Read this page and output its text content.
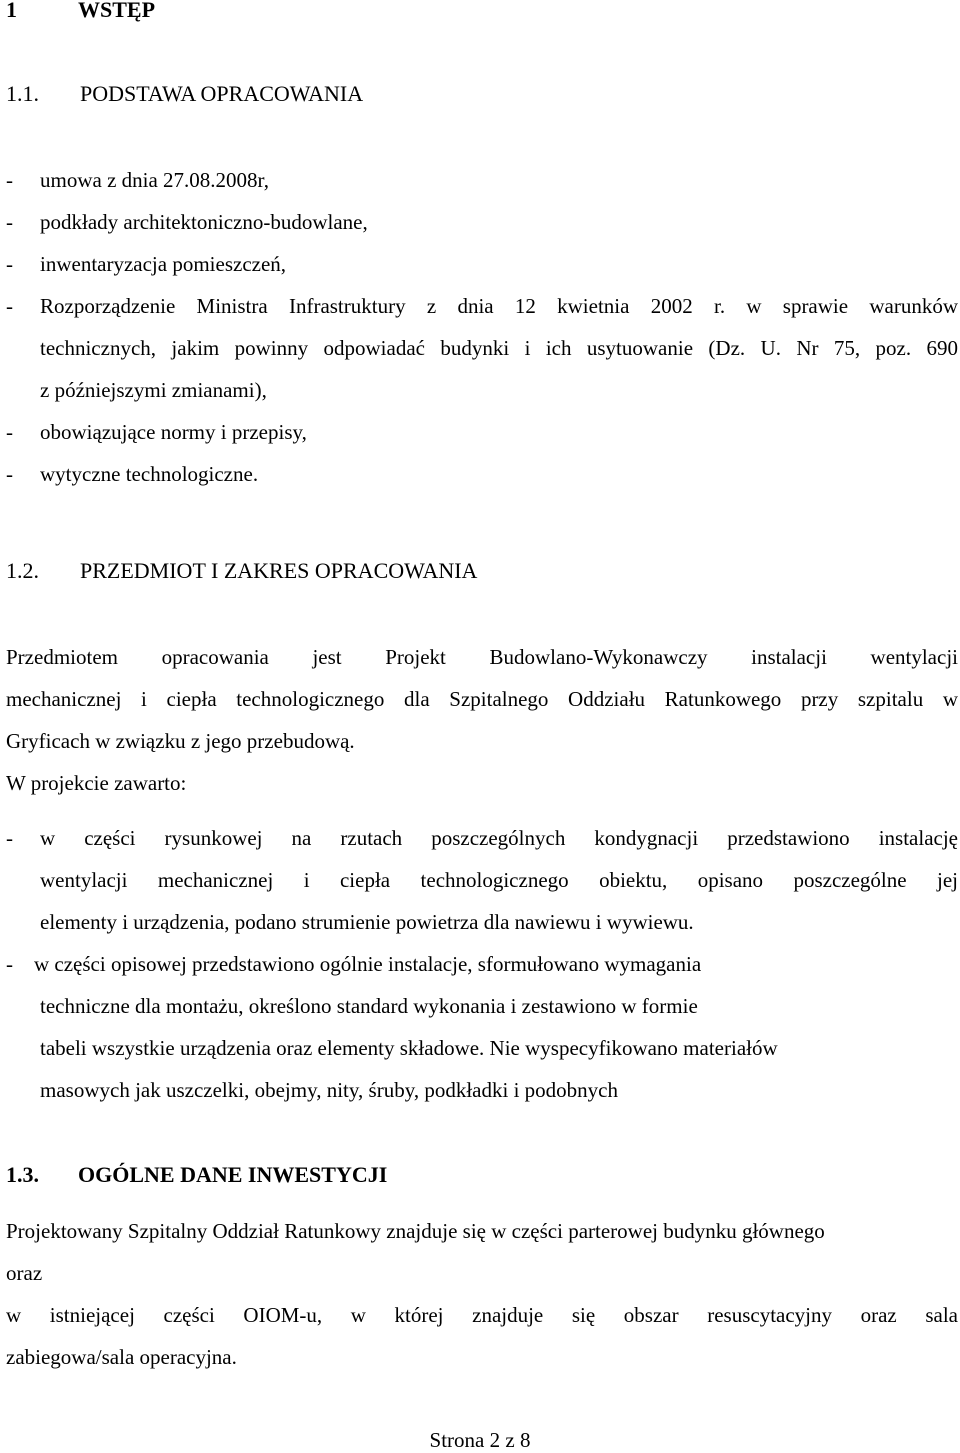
1	WSTĘP
1.1. PODSTAWA OPRACOWANIA
- umowa z dnia 27.08.2008r,
- podkłady architektoniczno-budowlane,
- inwentaryzacja pomieszczeń,
- Rozporządzenie Ministra Infrastruktury z dnia 12 kwietnia 2002 r. w sprawie warunków
technicznych, jakim powinny odpowiadać budynki i ich usytuowanie (Dz. U. Nr 75, poz. 690
z późniejszymi zmianami),
- obowiązujące normy i przepisy,
- wytyczne technologiczne.
1.2. PRZEDMIOT I ZAKRES OPRACOWANIA
Przedmiotem opracowania jest Projekt Budowlano-Wykonawczy instalacji wentylacji
mechanicznej i ciepła technologicznego dla Szpitalnego Oddziału Ratunkowego przy szpitalu w
Gryficach w związku z jego przebudową.
W projekcie zawarto:
- w części rysunkowej na rzutach poszczególnych kondygnacji przedstawiono instalację
wentylacji mechanicznej i ciepła technologicznego obiektu, opisano poszczególne jej
elementy i urządzenia, podano strumienie powietrza dla nawiewu i wywiewu.
- w części opisowej przedstawiono ogólnie instalacje, sformułowano wymagania
techniczne dla montażu, określono standard wykonania i zestawiono w formie
tabeli wszystkie urządzenia oraz elementy składowe. Nie wyspecyfikowano materiałów
masowych jak uszczelki, obejmy, nity, śruby, podkładki i podobnych
1.3. OGÓLNE DANE INWESTYCJI
Projektowany Szpitalny Oddział Ratunkowy znajduje się w części parterowej budynku głównego
oraz
w istniejącej części OIOM-u, w której znajduje się obszar resuscytacyjny oraz sala
zabiegowa/sala operacyjna.
Strona 2 z 8
